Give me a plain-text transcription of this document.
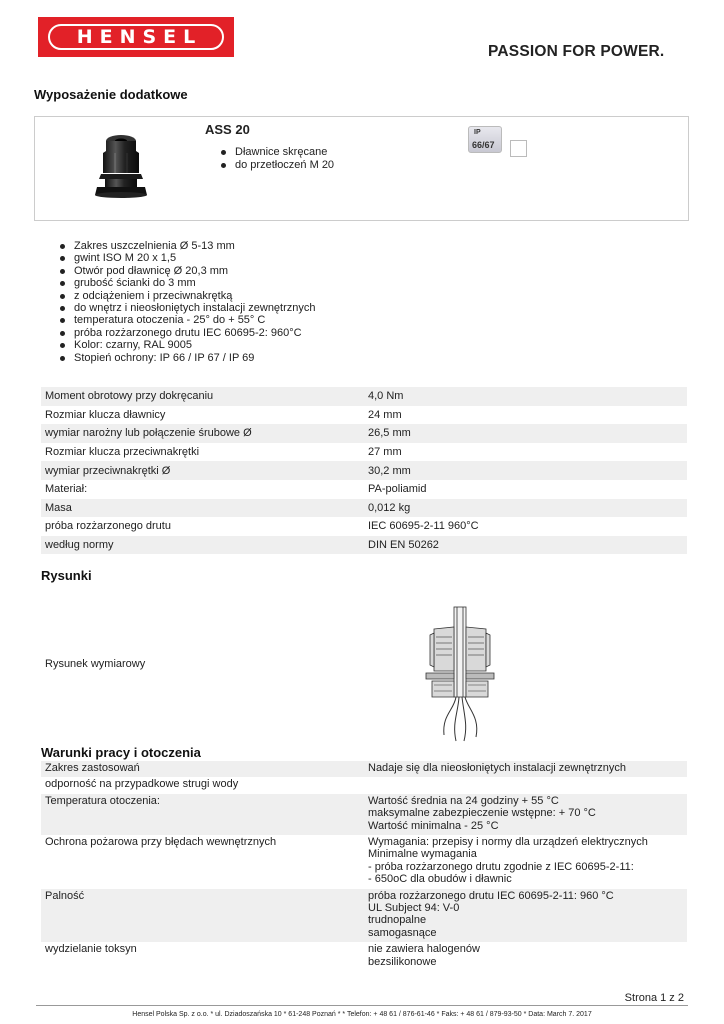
HENSEL
PASSION FOR POWER.
Wyposażenie dodatkowe
ASS 20
Dławnice skręcane
do przetłoczeń M 20
IP
66/67
Zakres uszczelnienia Ø 5-13 mm
gwint ISO M 20 x 1,5
Otwór pod dławnicę Ø 20,3 mm
grubość ścianki do 3 mm
z odciążeniem i przeciwnakrętką
do wnętrz i nieosłoniętych instalacji zewnętrznych
temperatura otoczenia - 25° do + 55° C
próba rozżarzonego drutu IEC 60695-2: 960°C
Kolor: czarny, RAL 9005
Stopień ochrony: IP 66 / IP 67 / IP 69
Moment obrotowy przy dokręcaniu	4,0 Nm
Rozmiar klucza dławnicy	24 mm
wymiar narożny lub połączenie śrubowe Ø	26,5 mm
Rozmiar klucza przeciwnakrętki	27 mm
wymiar przeciwnakrętki Ø	30,2 mm
Materiał:	PA-poliamid
Masa	0,012 kg
próba rozżarzonego drutu	IEC 60695-2-11 960°C
według normy	DIN EN 50262
Rysunki
Rysunek wymiarowy
Warunki pracy i otoczenia
Zakres zastosowań	Nadaje się dla nieosłoniętych instalacji zewnętrznych

odporność na przypadkowe strugi wody	

Temperatura otoczenia:	Wartość średnia na 24 godziny + 55 °C
maksymalne zabezpieczenie wstępne: + 70 °C
Wartość minimalna - 25 °C

Ochrona pożarowa przy błędach wewnętrznych	Wymagania: przepisy i normy dla urządzeń elektrycznych
Minimalne wymagania
- próba rozżarzonego drutu zgodnie z IEC 60695-2-11:
- 650oC dla obudów i dławnic

Palność	próba rozżarzonego drutu IEC 60695-2-11: 960 °C
UL Subject 94: V-0
trudnopalne
samogasnące

wydzielanie toksyn	nie zawiera halogenów
bezsilikonowe
Strona 1 z 2
Hensel Polska Sp. z o.o. * ul. Dziadoszańska 10 * 61-248 Poznań * * Telefon: + 48 61 / 876-61-46 * Faks: + 48 61 / 879-93-50 * Data: March 7. 2017
